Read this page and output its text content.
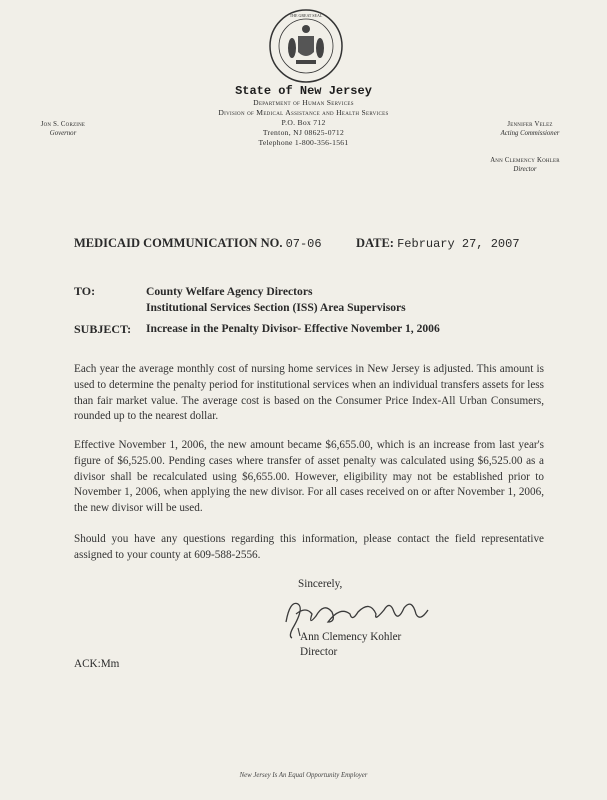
THE GREAT SEAL
State of New Jersey
Department of Human Services
Division of Medical Assistance and Health Services
P.O. Box 712
Trenton, NJ 08625-0712
Telephone 1-800-356-1561
Jon S. Corzine
Governor
Jennifer Velez
Acting Commissioner
Ann Clemency Kohler
Director
MEDICAID COMMUNICATION NO. 07-06	DATE: February 27, 2007
TO:	County Welfare Agency Directors
Institutional Services Section (ISS) Area Supervisors
SUBJECT: Increase in the Penalty Divisor- Effective November 1, 2006
Each year the average monthly cost of nursing home services in New Jersey is adjusted. This amount is used to determine the penalty period for institutional services when an individual transfers assets for less than fair market value. The average cost is based on the Consumer Price Index-All Urban Consumers, rounded up to the nearest dollar.
Effective November 1, 2006, the new amount became $6,655.00, which is an increase from last year's figure of $6,525.00. Pending cases where transfer of asset penalty was calculated using $6,525.00 as a divisor shall be recalculated using $6,655.00. However, eligibility may not be established prior to November 1, 2006, when applying the new divisor. For all cases received on or after November 1, 2006, the new divisor will be used.
Should you have any questions regarding this information, please contact the field representative assigned to your county at 609-588-2556.
Sincerely,
Ann Clemency Kohler
Director
ACK:Mm
New Jersey Is An Equal Opportunity Employer
